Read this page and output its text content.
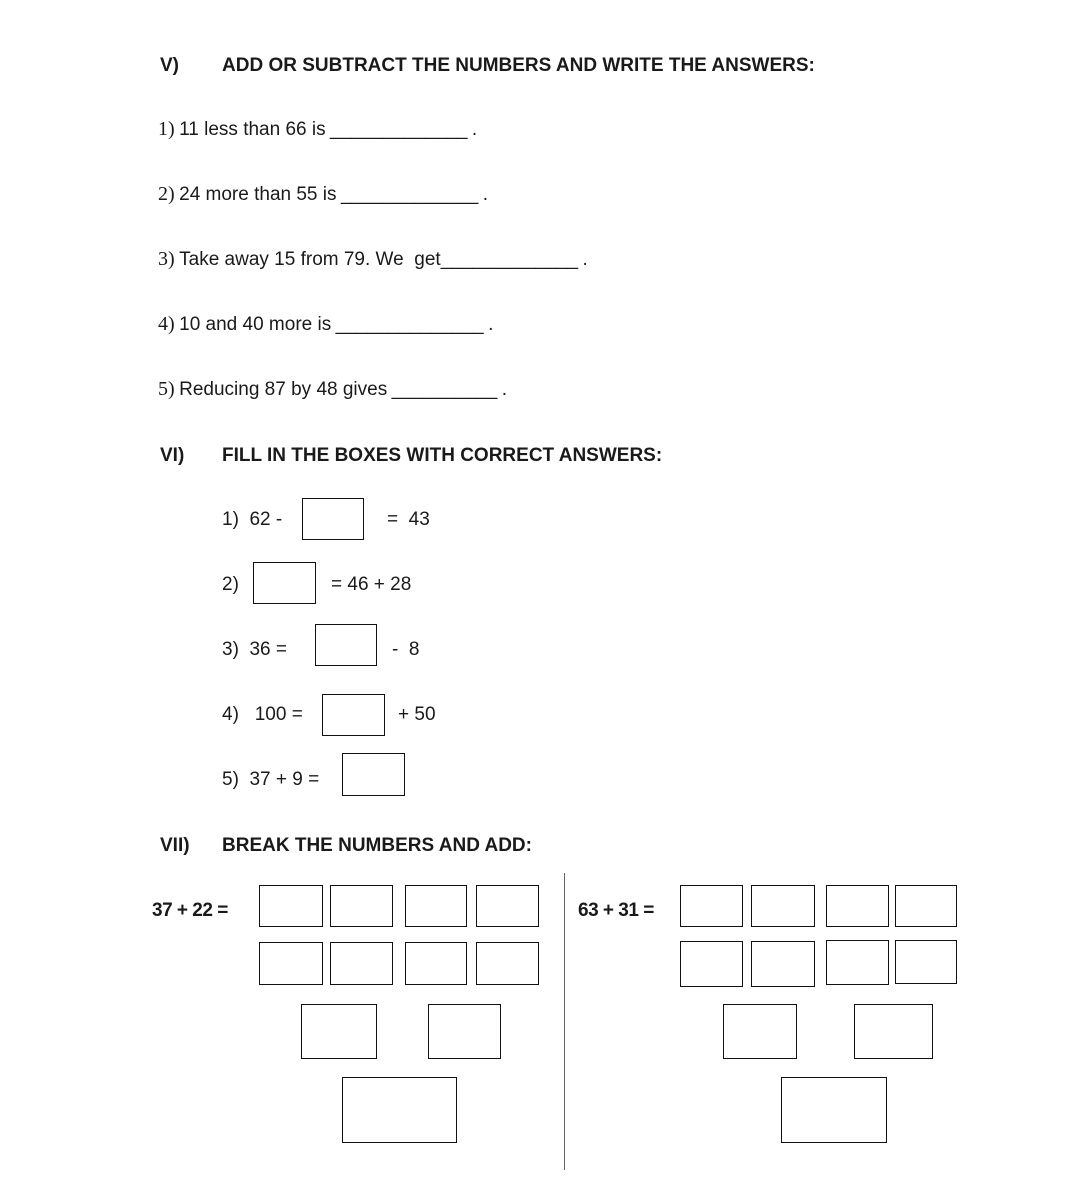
V) ADD OR SUBTRACT THE NUMBERS AND WRITE THE ANSWERS:
1) 11 less than 66 is _____________ .
2) 24 more than 55 is _____________ .
3) Take away 15 from 79. We  get_____________ .
4) 10 and 40 more is ______________ .
5) Reducing 87 by 48 gives __________ .
VI) FILL IN THE BOXES WITH CORRECT ANSWERS:
1)  62 -	=  43
2)	= 46 + 28
3)  36 =	-  8
4)   100 =	+ 50
5)  37 + 9 =
VII) BREAK THE NUMBERS AND ADD:
37 + 22 =	63 + 31 =
